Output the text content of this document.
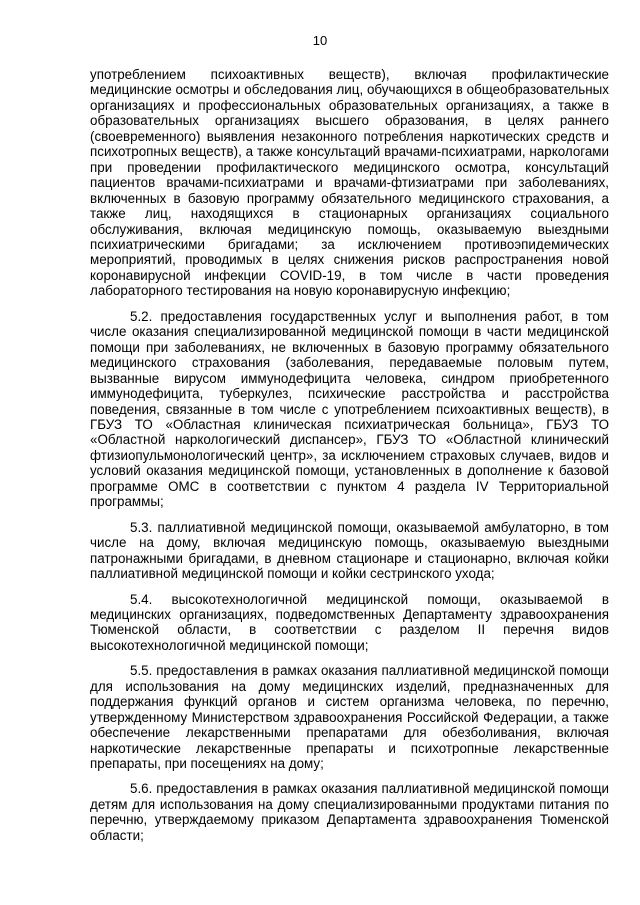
10

употреблением психоактивных веществ), включая профилактические медицинские осмотры и обследования лиц, обучающихся в общеобразовательных организациях и профессиональных образовательных организациях, а также в образовательных организациях высшего образования, в целях раннего (своевременного) выявления незаконного потребления наркотических средств и психотропных веществ), а также консультаций врачами-психиатрами, наркологами при проведении профилактического медицинского осмотра, консультаций пациентов врачами-психиатрами и врачами-фтизиатрами при заболеваниях, включенных в базовую программу обязательного медицинского страхования, а также лиц, находящихся в стационарных организациях социального обслуживания, включая медицинскую помощь, оказываемую выездными психиатрическими бригадами; за исключением противоэпидемических мероприятий, проводимых в целях снижения рисков распространения новой коронавирусной инфекции COVID-19, в том числе в части проведения лабораторного тестирования на новую коронавирусную инфекцию;

5.2. предоставления государственных услуг и выполнения работ, в том числе оказания специализированной медицинской помощи в части медицинской помощи при заболеваниях, не включенных в базовую программу обязательного медицинского страхования (заболевания, передаваемые половым путем, вызванные вирусом иммунодефицита человека, синдром приобретенного иммунодефицита, туберкулез, психические расстройства и расстройства поведения, связанные в том числе с употреблением психоактивных веществ), в ГБУЗ ТО «Областная клиническая психиатрическая больница», ГБУЗ ТО «Областной наркологический диспансер», ГБУЗ ТО «Областной клинический фтизиопульмонологический центр», за исключением страховых случаев, видов и условий оказания медицинской помощи, установленных в дополнение к базовой программе ОМС в соответствии с пунктом 4 раздела IV Территориальной программы;

5.3. паллиативной медицинской помощи, оказываемой амбулаторно, в том числе на дому, включая медицинскую помощь, оказываемую выездными патронажными бригадами, в дневном стационаре и стационарно, включая койки паллиативной медицинской помощи и койки сестринского ухода;

5.4. высокотехнологичной медицинской помощи, оказываемой в медицинских организациях, подведомственных Департаменту здравоохранения Тюменской области, в соответствии с разделом II перечня видов высокотехнологичной медицинской помощи;

5.5. предоставления в рамках оказания паллиативной медицинской помощи для использования на дому медицинских изделий, предназначенных для поддержания функций органов и систем организма человека, по перечню, утвержденному Министерством здравоохранения Российской Федерации, а также обеспечение лекарственными препаратами для обезболивания, включая наркотические лекарственные препараты и психотропные лекарственные препараты, при посещениях на дому;

5.6. предоставления в рамках оказания паллиативной медицинской помощи детям для использования на дому специализированными продуктами питания по перечню, утверждаемому приказом Департамента здравоохранения Тюменской области;
